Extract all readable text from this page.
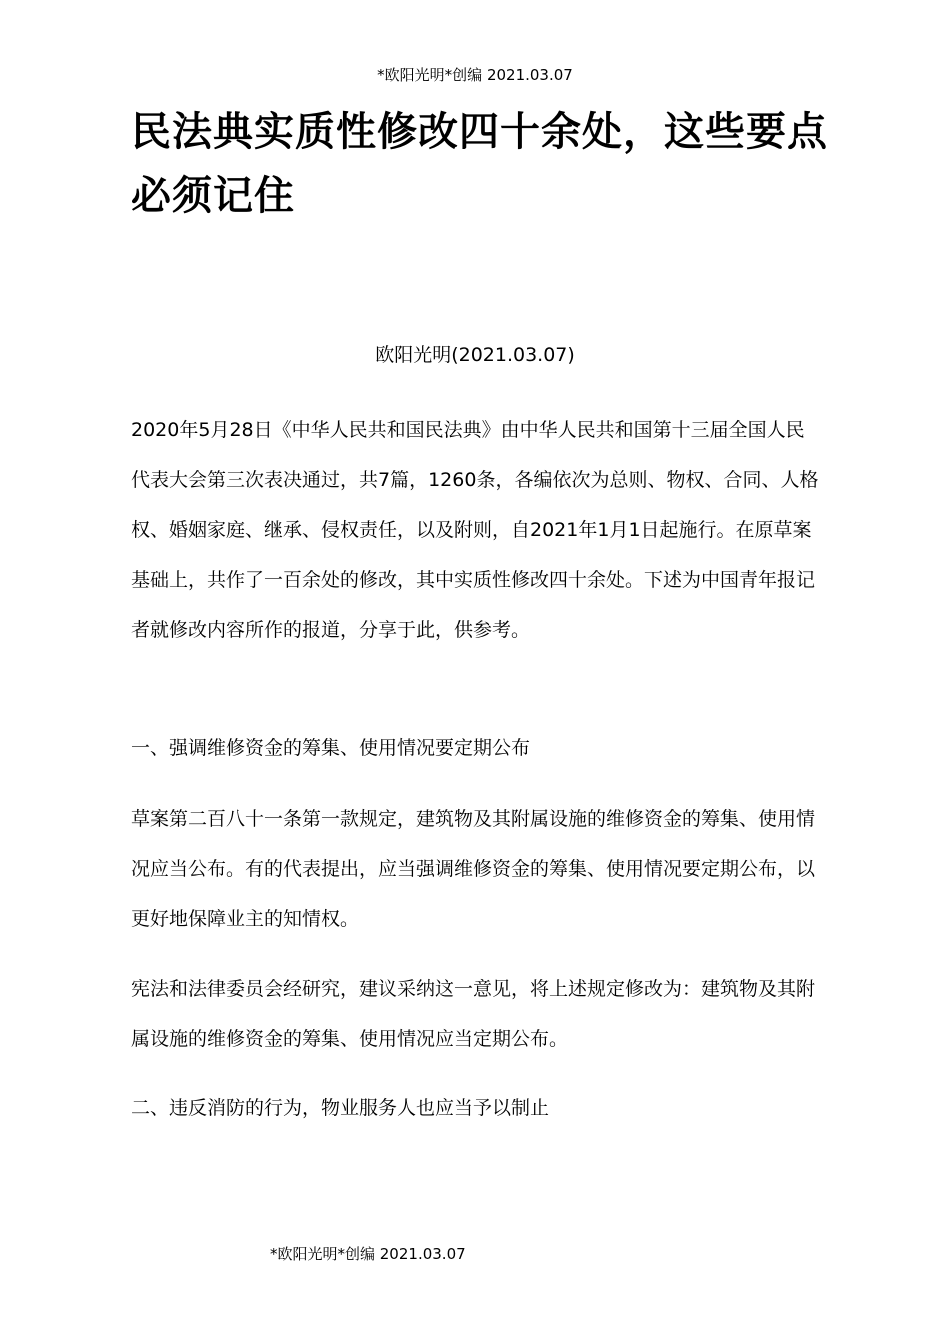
*欧阳光明*创编 2021.03.07
民法典实质性修改四十余处，这些要点必须记住
欧阳光明(2021.03.07)

2020年5月28日《中华人民共和国民法典》由中华人民共和国第十三届全国人民代表大会第三次表决通过，共7篇，1260条，各编依次为总则、物权、合同、人格权、婚姻家庭、继承、侵权责任，以及附则，自2021年1月1日起施行。在原草案基础上，共作了一百余处的修改，其中实质性修改四十余处。下述为中国青年报记者就修改内容所作的报道，分享于此，供参考。

一、强调维修资金的筹集、使用情况要定期公布

草案第二百八十一条第一款规定，建筑物及其附属设施的维修资金的筹集、使用情况应当公布。有的代表提出，应当强调维修资金的筹集、使用情况要定期公布，以更好地保障业主的知情权。

宪法和法律委员会经研究，建议采纳这一意见，将上述规定修改为：建筑物及其附属设施的维修资金的筹集、使用情况应当定期公布。

二、违反消防的行为，物业服务人也应当予以制止

*欧阳光明*创编 2021.03.07
